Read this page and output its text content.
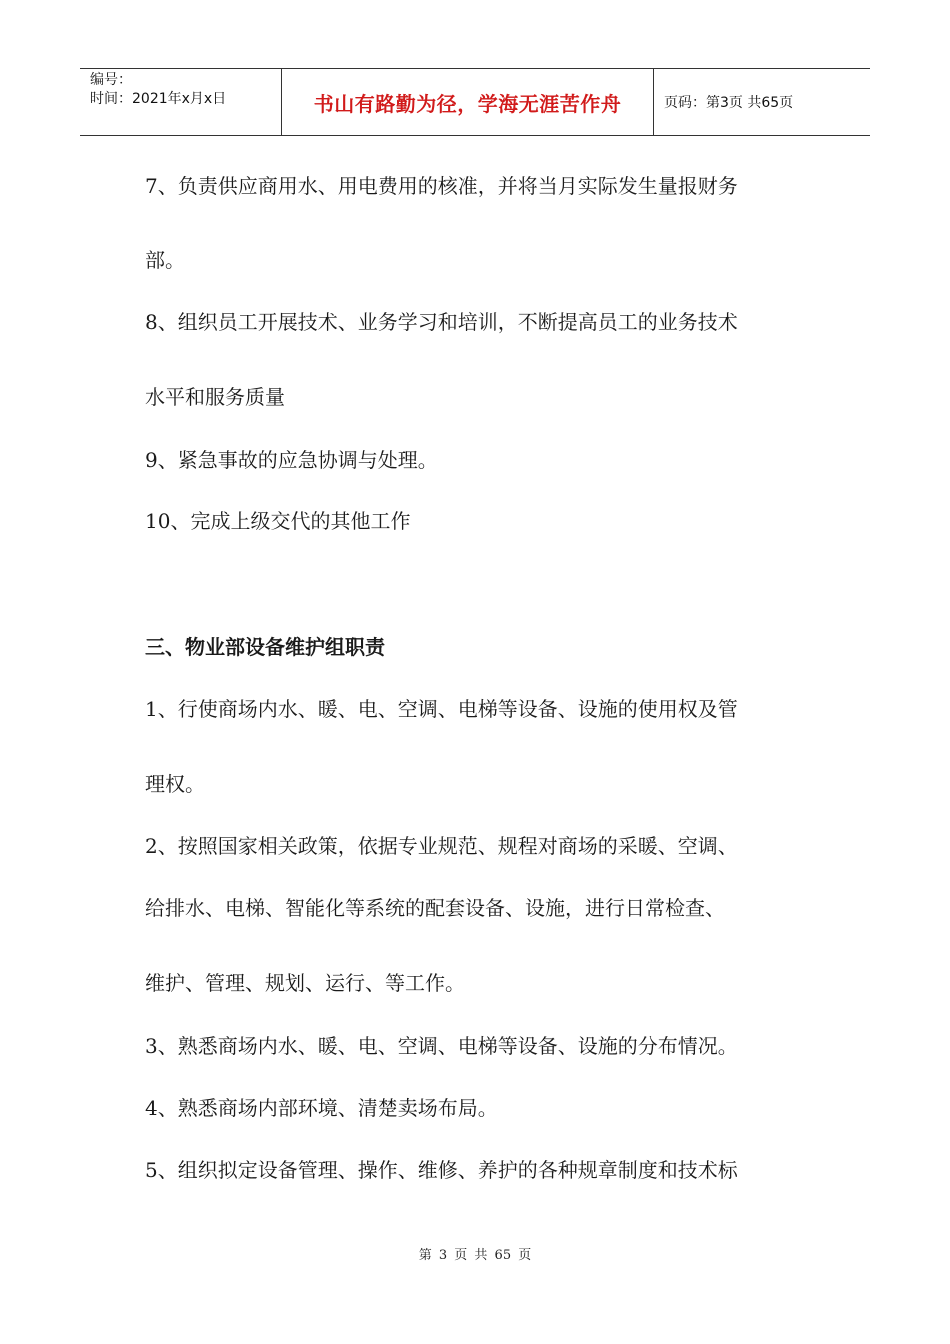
编号：
时间：2021年x月x日	书山有路勤为径，学海无涯苦作舟	页码：第3页 共65页
7、负责供应商用水、用电费用的核准，并将当月实际发生量报财务
部。
8、组织员工开展技术、业务学习和培训，不断提高员工的业务技术
水平和服务质量
9、紧急事故的应急协调与处理。
10、完成上级交代的其他工作
三、物业部设备维护组职责
1、行使商场内水、暖、电、空调、电梯等设备、设施的使用权及管
理权。
2、按照国家相关政策，依据专业规范、规程对商场的采暖、空调、
给排水、电梯、智能化等系统的配套设备、设施，进行日常检查、
维护、管理、规划、运行、等工作。
3、熟悉商场内水、暖、电、空调、电梯等设备、设施的分布情况。
4、熟悉商场内部环境、清楚卖场布局。
5、组织拟定设备管理、操作、维修、养护的各种规章制度和技术标
第 3 页 共 65 页
